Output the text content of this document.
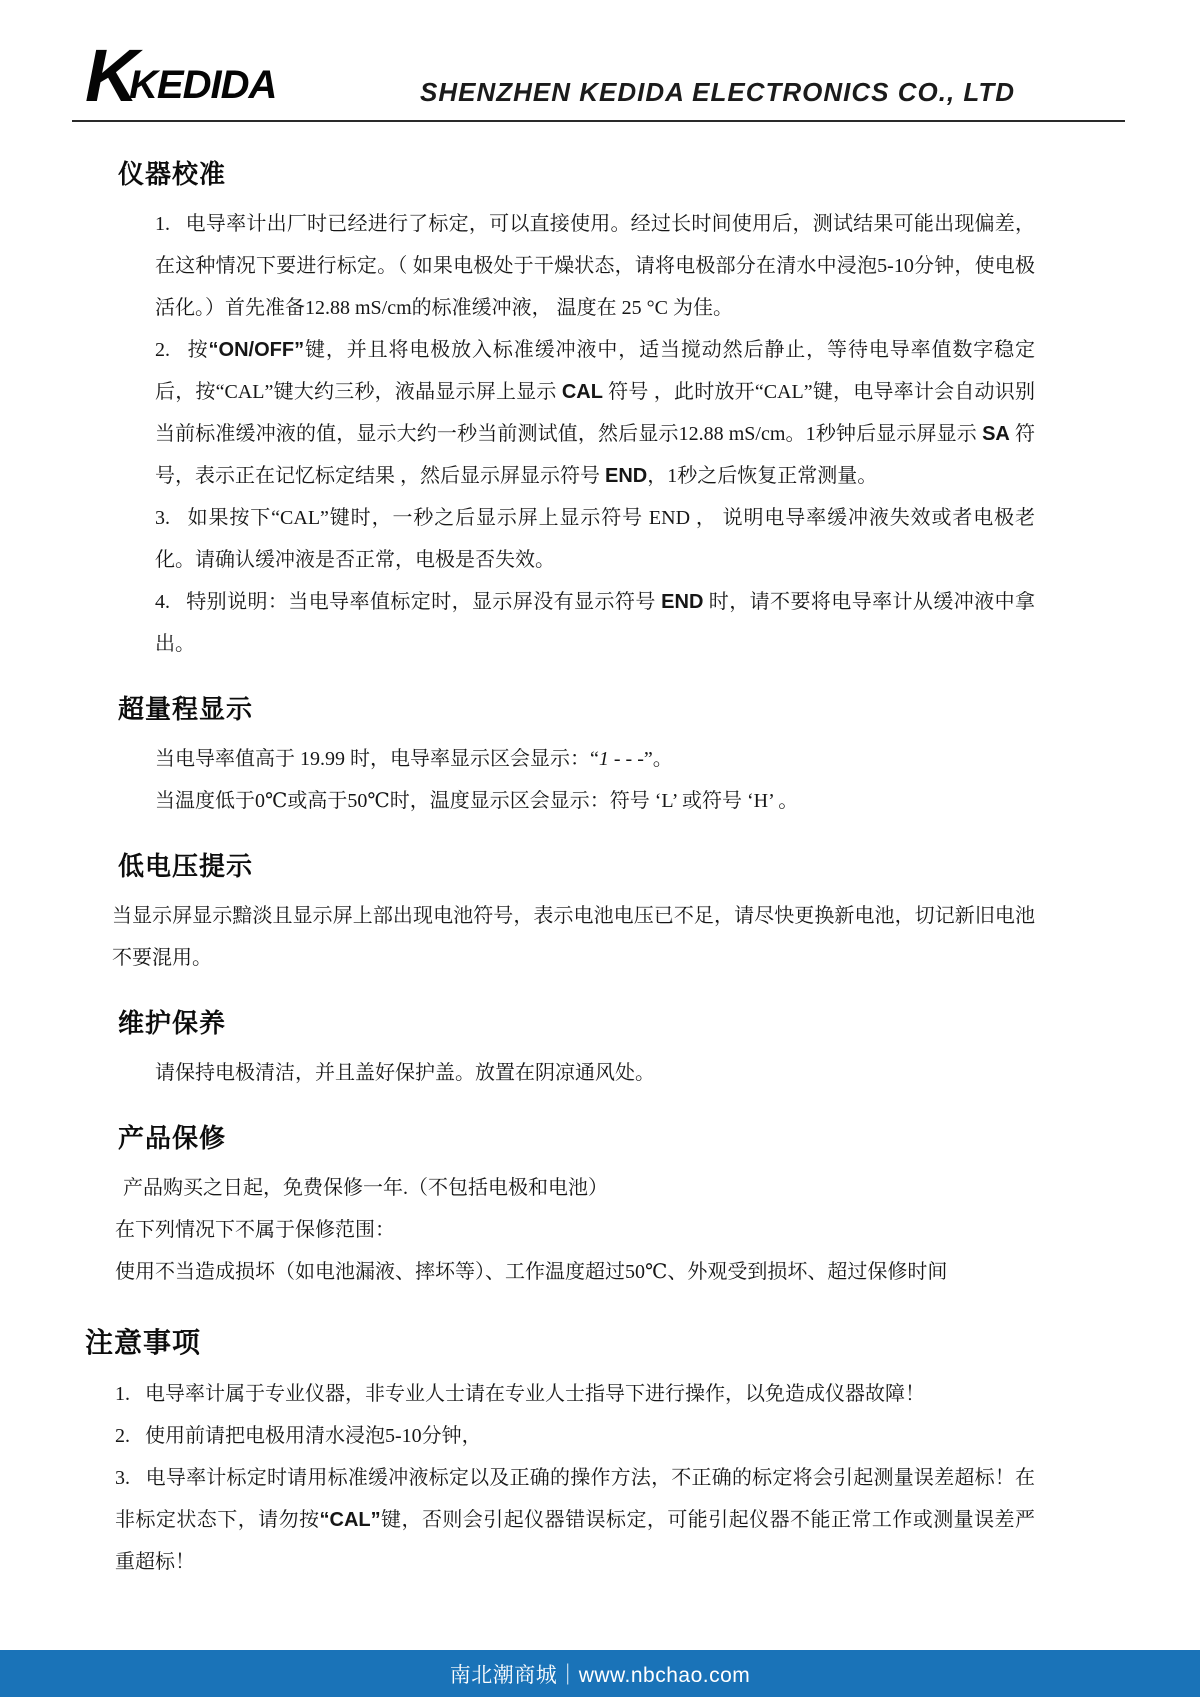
K
KEDIDA	SHENZHEN KEDIDA ELECTRONICS CO., LTD
仪器校准

1.   电导率计出厂时已经进行了标定，可以直接使用。经过长时间使用后，测试结果可能出现偏差，在这种情况下要进行标定。（ 如果电极处于干燥状态，请将电极部分在清水中浸泡5-10分钟，使电极活化。）首先准备12.88 mS/cm的标准缓冲液， 温度在 25 °C 为佳。

2.   按“ON/OFF”键，并且将电极放入标准缓冲液中，适当搅动然后静止，等待电导率值数字稳定后，按“CAL”键大约三秒，液晶显示屏上显示 CAL 符号 ，此时放开“CAL”键，电导率计会自动识别当前标准缓冲液的值，显示大约一秒当前测试值，然后显示12.88 mS/cm。1秒钟后显示屏显示 SA 符号，表示正在记忆标定结果 ，然后显示屏显示符号 END，1秒之后恢复正常测量。

3.   如果按下“CAL”键时，一秒之后显示屏上显示符号 END ， 说明电导率缓冲液失效或者电极老化。请确认缓冲液是否正常，电极是否失效。

4.   特别说明：当电导率值标定时，显示屏没有显示符号 END 时，请不要将电导率计从缓冲液中拿出。

超量程显示

当电导率值高于 19.99 时，电导率显示区会显示：“1 - - -”。

当温度低于0℃或高于50℃时，温度显示区会显示：符号 ‘L’ 或符号 ‘H’ 。

低电压提示

当显示屏显示黯淡且显示屏上部出现电池符号，表示电池电压已不足，请尽快更换新电池，切记新旧电池不要混用。

维护保养

请保持电极清洁，并且盖好保护盖。放置在阴凉通风处。

产品保修

产品购买之日起，免费保修一年.（不包括电极和电池）

在下列情况下不属于保修范围：

使用不当造成损坏（如电池漏液、摔坏等）、工作温度超过50℃、外观受到损坏、超过保修时间

注意事项

1.   电导率计属于专业仪器，非专业人士请在专业人士指导下进行操作，以免造成仪器故障！

2.   使用前请把电极用清水浸泡5-10分钟，

3.   电导率计标定时请用标准缓冲液标定以及正确的操作方法，不正确的标定将会引起测量误差超标！在非标定状态下，请勿按“CAL”键，否则会引起仪器错误标定，可能引起仪器不能正常工作或测量误差严重超标！

南北潮商城｜www.nbchao.com
